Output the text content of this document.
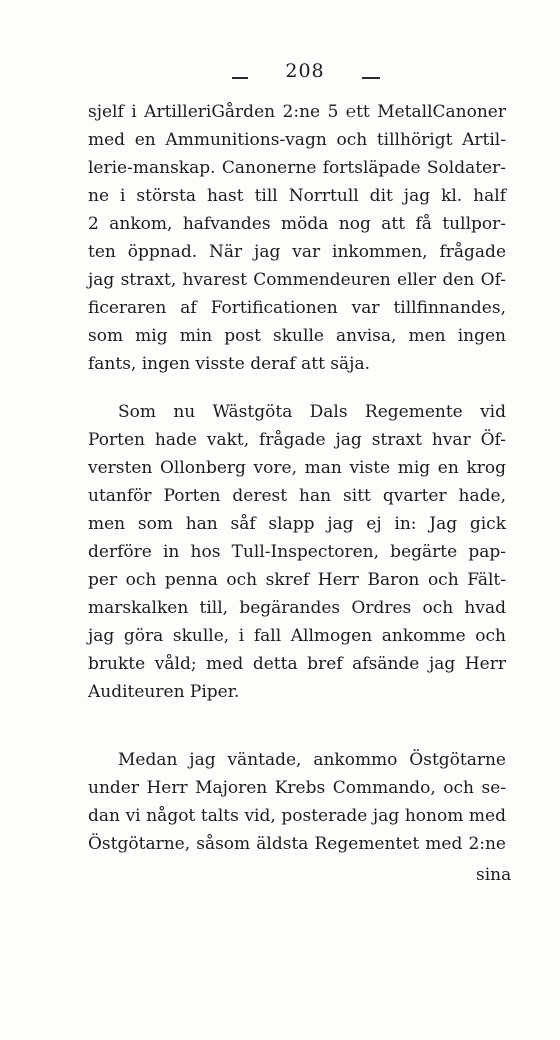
208
sjelf i ArtilleriGården 2:ne 5 ℮tt MetallCanoner
med en Ammunitions-vagn och tillhörigt Artil-
lerie-manskap. Canonerne fortsläpade Soldater-
ne i största hast till Norrtull dit jag kl. half
2 ankom, hafvandes möda nog att få tullpor-
ten öppnad. När jag var inkommen, frågade
jag straxt, hvarest Commendeuren eller den Of-
ficeraren af Fortificationen var tillfinnandes,
som mig min post skulle anvisa, men ingen
fants, ingen visste deraf att säja.
Som nu Wästgöta Dals Regemente vid
Porten hade vakt, frågade jag straxt hvar Öf-
versten Ollonberg vore, man viste mig en krog
utanför Porten derest han sitt qvarter hade,
men som han såf slapp jag ej in: Jag gick
derföre in hos Tull-Inspectoren, begärte pap-
per och penna och skref Herr Baron och Fält-
marskalken till, begärandes Ordres och hvad
jag göra skulle, i fall Allmogen ankomme och
brukte våld; med detta bref afsände jag Herr
Auditeuren Piper.
Medan jag väntade, ankommo Östgötarne
under Herr Majoren Krebs Commando, och se-
dan vi något talts vid, posterade jag honom med
Östgötarne, såsom äldsta Regementet med 2:ne
sina
